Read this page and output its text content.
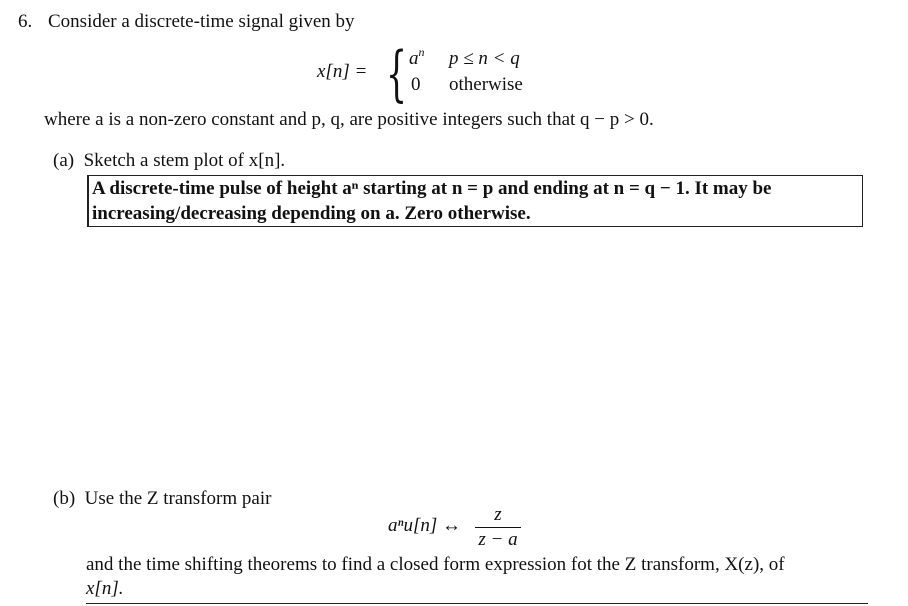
6. Consider a discrete-time signal given by
x[n] = { $a^n$ p ≤ n < q
0 otherwise
where a is a non-zero constant and p, q, are positive integers such that q − p > 0.
(a) Sketch a stem plot of x[n].
A discrete-time pulse of height aⁿ starting at n = p and ending at n = q − 1. It may be
increasing/decreasing depending on a. Zero otherwise.
(b) Use the Z transform pair
aⁿu[n] ↔
z
z − a
and the time shifting theorems to find a closed form expression fot the Z transform, X(z), of
x[n].
